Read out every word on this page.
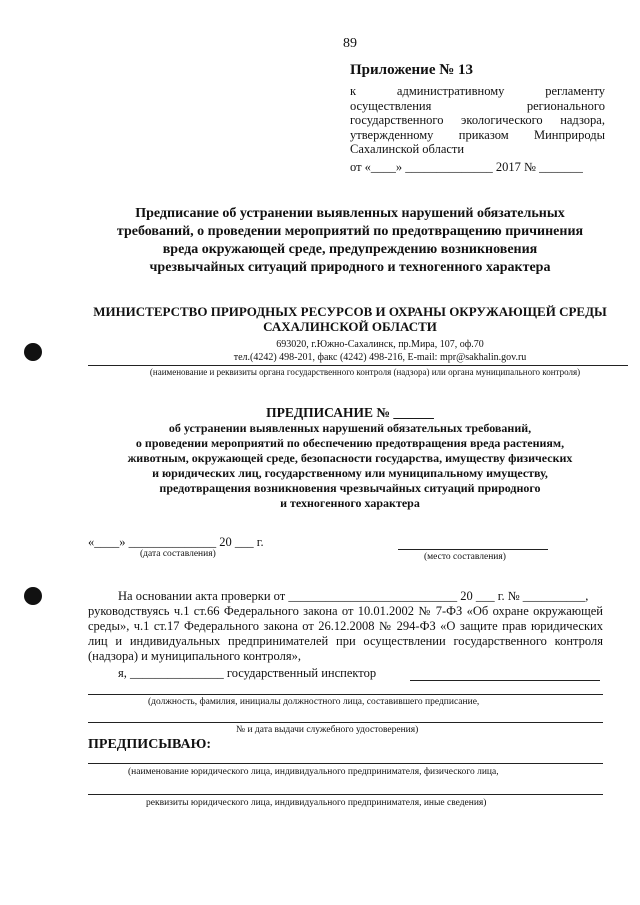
89
Приложение № 13
к административному регламенту осуществления регионального государственного экологического надзора, утвержденному приказом Минприроды Сахалинской области
от «____» ______________ 2017 № _______
Предписание об устранении выявленных нарушений обязательных
требований, о проведении мероприятий по предотвращению причинения
вреда окружающей среде, предупреждению возникновения
чрезвычайных ситуаций природного и техногенного характера
МИНИСТЕРСТВО ПРИРОДНЫХ РЕСУРСОВ И ОХРАНЫ ОКРУЖАЮЩЕЙ СРЕДЫ
САХАЛИНСКОЙ ОБЛАСТИ
693020, г.Южно-Сахалинск, пр.Мира, 107, оф.70
тел.(4242) 498-201, факс (4242) 498-216, E-mail: mpr@sakhalin.gov.ru
(наименование и реквизиты органа государственного контроля (надзора) или органа муниципального контроля)
ПРЕДПИСАНИЕ № ______
об устранении выявленных нарушений обязательных требований,
о проведении мероприятий по обеспечению предотвращения вреда растениям,
животным, окружающей среде, безопасности государства, имуществу физических
и юридических лиц, государственному или муниципальному имуществу,
предотвращения возникновения чрезвычайных ситуаций природного
и техногенного характера
«____» ______________ 20 ___ г.
(дата составления)	(место составления)
На основании акта проверки от ___________________________ 20 ___ г. № __________,
руководствуясь ч.1 ст.66 Федерального закона от 10.01.2002 № 7-ФЗ «Об охране окружающей среды», ч.1 ст.17 Федерального закона от 26.12.2008 № 294-ФЗ «О защите прав юридических лиц и индивидуальных предпринимателей при осуществлении государственного контроля (надзора) и муниципального контроля»,
я, _______________ государственный инспектор
(должность, фамилия, инициалы должностного лица, составившего предписание,
№ и дата выдачи служебного удостоверения)
ПРЕДПИСЫВАЮ:
(наименование юридического лица, индивидуального предпринимателя, физического лица,
реквизиты юридического лица, индивидуального предпринимателя, иные сведения)
